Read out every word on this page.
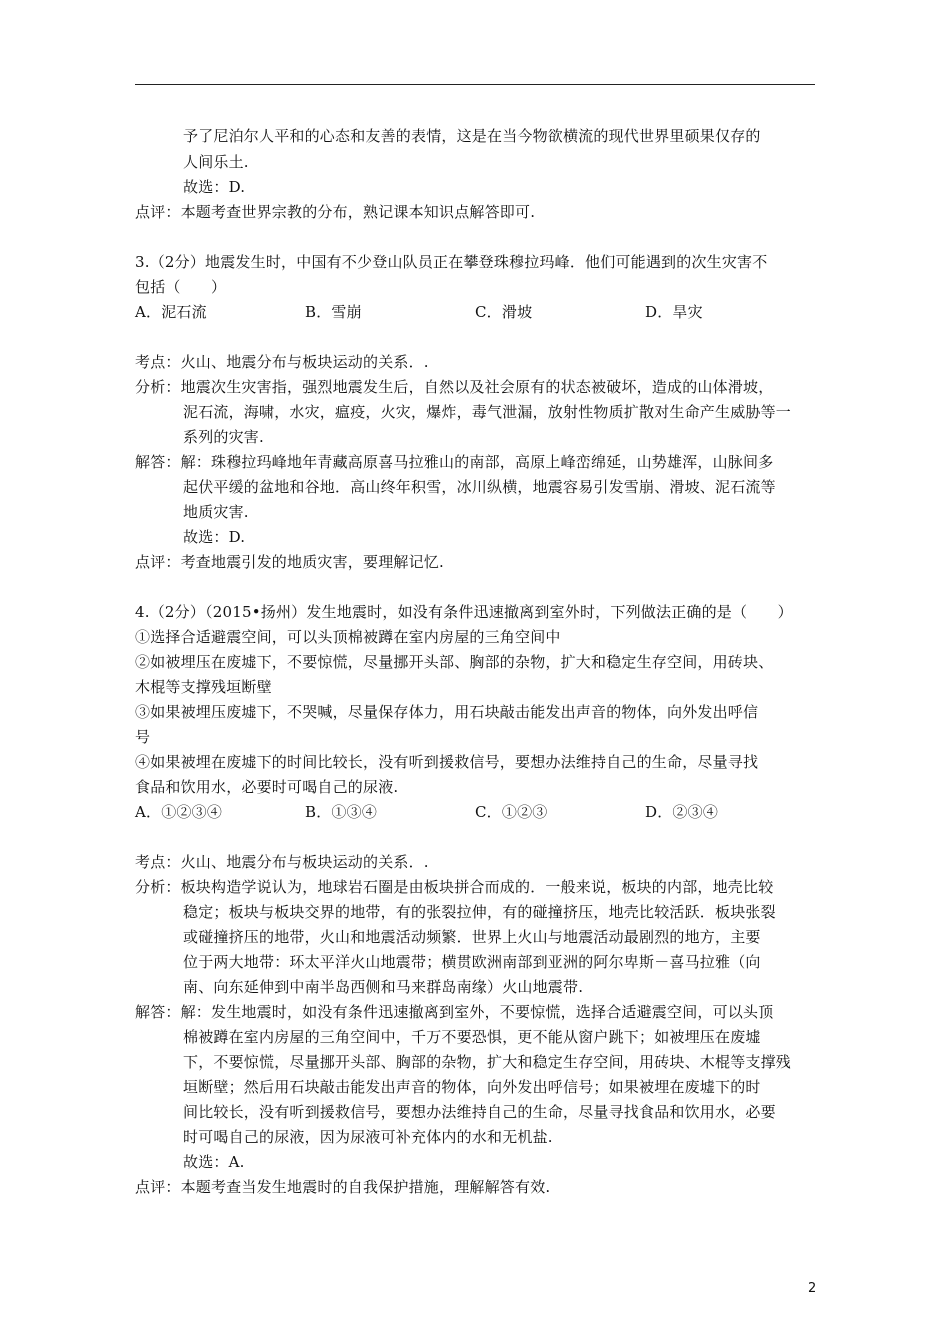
予了尼泊尔人平和的心态和友善的表情，这是在当今物欲横流的现代世界里硕果仅存的
人间乐土.
故选：D.
点评：本题考查世界宗教的分布，熟记课本知识点解答即可.
3.（2分）地震发生时，中国有不少登山队员正在攀登珠穆拉玛峰．他们可能遇到的次生灾害不
包括（　　）
A．泥石流	B．雪崩	C．滑坡	D．旱灾
考点：火山、地震分布与板块运动的关系．.
分析：地震次生灾害指，强烈地震发生后，自然以及社会原有的状态被破坏，造成的山体滑坡，
泥石流，海啸，水灾，瘟疫，火灾，爆炸，毒气泄漏，放射性物质扩散对生命产生威胁等一
系列的灾害.
解答：解：珠穆拉玛峰地年青藏高原喜马拉雅山的南部，高原上峰峦绵延，山势雄浑，山脉间多
起伏平缓的盆地和谷地．高山终年积雪，冰川纵横，地震容易引发雪崩、滑坡、泥石流等
地质灾害.
故选：D.
点评：考查地震引发的地质灾害，要理解记忆.
4.（2分）（2015•扬州）发生地震时，如没有条件迅速撤离到室外时，下列做法正确的是（　　）
①选择合适避震空间，可以头顶棉被蹲在室内房屋的三角空间中
②如被埋压在废墟下，不要惊慌，尽量挪开头部、胸部的杂物，扩大和稳定生存空间，用砖块、
木棍等支撑残垣断壁
③如果被埋压废墟下，不哭喊，尽量保存体力，用石块敲击能发出声音的物体，向外发出呼信
号
④如果被埋在废墟下的时间比较长，没有听到援救信号，要想办法维持自己的生命，尽量寻找
食品和饮用水，必要时可喝自己的尿液.
A．①②③④	B．①③④	C．①②③	D．②③④
考点：火山、地震分布与板块运动的关系．.
分析：板块构造学说认为，地球岩石圈是由板块拼合而成的．一般来说，板块的内部，地壳比较
稳定；板块与板块交界的地带，有的张裂拉伸，有的碰撞挤压，地壳比较活跃．板块张裂
或碰撞挤压的地带，火山和地震活动频繁．世界上火山与地震活动最剧烈的地方，主要
位于两大地带：环太平洋火山地震带；横贯欧洲南部到亚洲的阿尔卑斯－喜马拉雅（向
南、向东延伸到中南半岛西侧和马来群岛南缘）火山地震带.
解答：解：发生地震时，如没有条件迅速撤离到室外，不要惊慌，选择合适避震空间，可以头顶
棉被蹲在室内房屋的三角空间中，千万不要恐惧，更不能从窗户跳下；如被埋压在废墟
下，不要惊慌，尽量挪开头部、胸部的杂物，扩大和稳定生存空间，用砖块、木棍等支撑残
垣断壁；然后用石块敲击能发出声音的物体，向外发出呼信号；如果被埋在废墟下的时
间比较长，没有听到援救信号，要想办法维持自己的生命，尽量寻找食品和饮用水，必要
时可喝自己的尿液，因为尿液可补充体内的水和无机盐.
故选：A.
点评：本题考查当发生地震时的自我保护措施，理解解答有效.
2
